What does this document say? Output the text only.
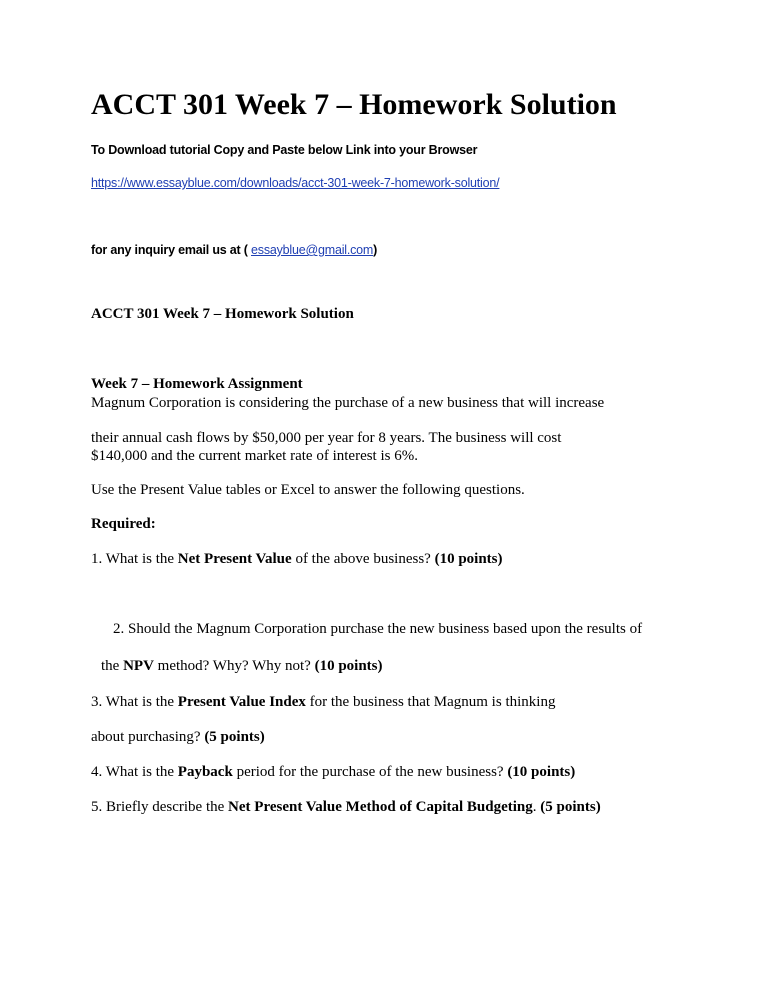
ACCT 301 Week 7 – Homework Solution
To Download tutorial Copy and Paste below Link into your Browser
https://www.essayblue.com/downloads/acct-301-week-7-homework-solution/
for any inquiry email us at ( essayblue@gmail.com)
ACCT 301 Week 7 – Homework Solution
Week 7 – Homework Assignment
Magnum Corporation is considering the purchase of a new business that will increase
their annual cash flows by $50,000 per year for 8 years. The business will cost
$140,000 and the current market rate of interest is 6%.
Use the Present Value tables or Excel to answer the following questions.
Required:
1. What is the Net Present Value of the above business? (10 points)
2. Should the Magnum Corporation purchase the new business based upon the results of
the NPV method? Why? Why not? (10 points)
3. What is the Present Value Index for the business that Magnum is thinking
about purchasing? (5 points)
4. What is the Payback period for the purchase of the new business? (10 points)
5. Briefly describe the Net Present Value Method of Capital Budgeting. (5 points)
